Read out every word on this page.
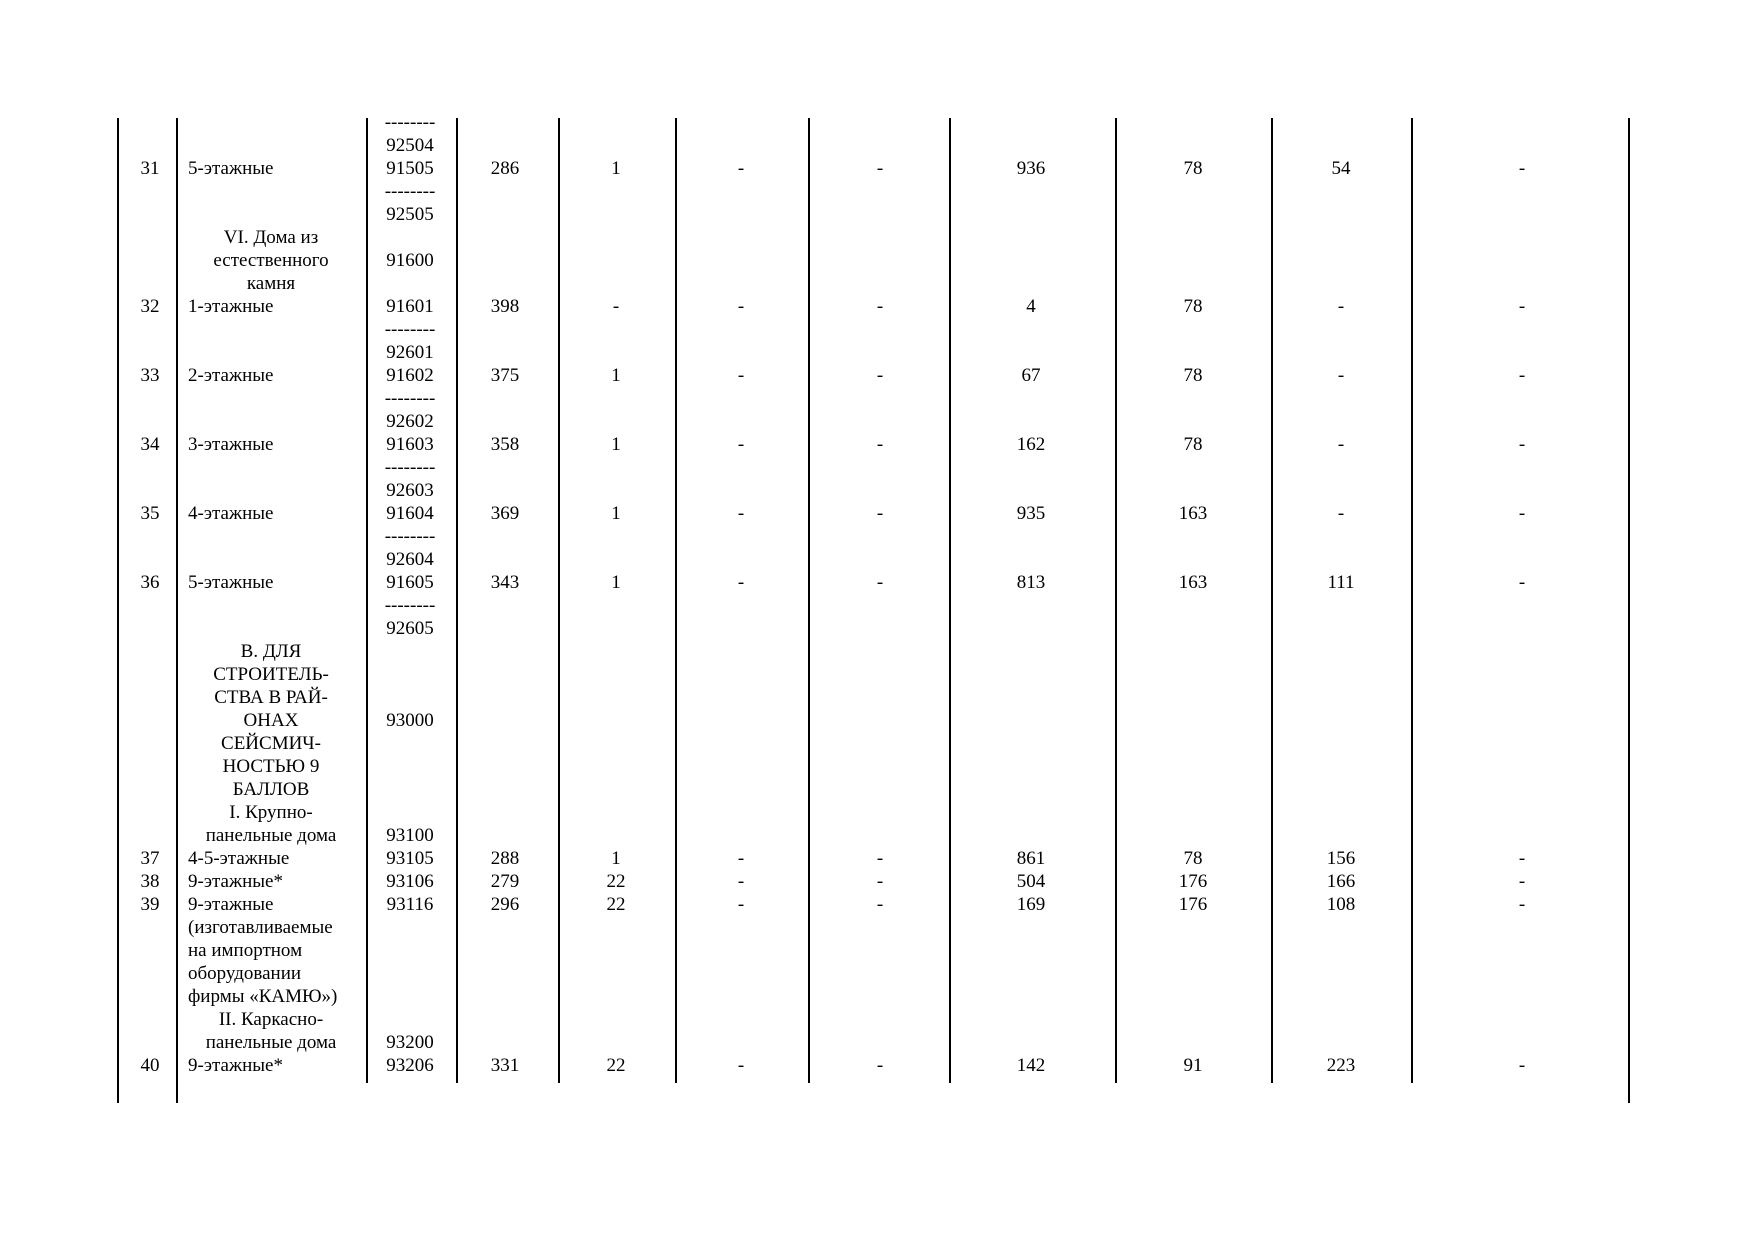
--------
92504
31 5-этажные	91505	286	1	-	-	936	78	54	-
--------
92505
VI. Дома из
естественного	91600
камня
32 1-этажные	91601	398	-	-	-	4	78	-	-
--------
92601
33 2-этажные	91602	375	1	-	-	67	78	-	-
--------
92602
34 3-этажные	91603	358	1	-	-	162	78	-	-
--------
92603
35 4-этажные	91604	369	1	-	-	935	163	-	-
--------
92604
36 5-этажные	91605	343	1	-	-	813	163	111	-
--------
92605
В. ДЛЯ
СТРОИТЕЛЬ-
СТВА В РАЙ-
ОНАХ	93000
СЕЙСМИЧ-
НОСТЬЮ 9
БАЛЛОВ
I. Крупно-
панельные дома	93100
37 4-5-этажные	93105	288	1	-	-	861	78	156	-
38 9-этажные*	93106	279	22	-	-	504	176	166	-
39 9-этажные	93116	296	22	-	-	169	176	108	-
(изготавливаемые
на импортном
оборудовании
фирмы «КАМЮ»)
II. Каркасно-
панельные дома	93200
40 9-этажные*	93206	331	22	-	-	142	91	223	-
